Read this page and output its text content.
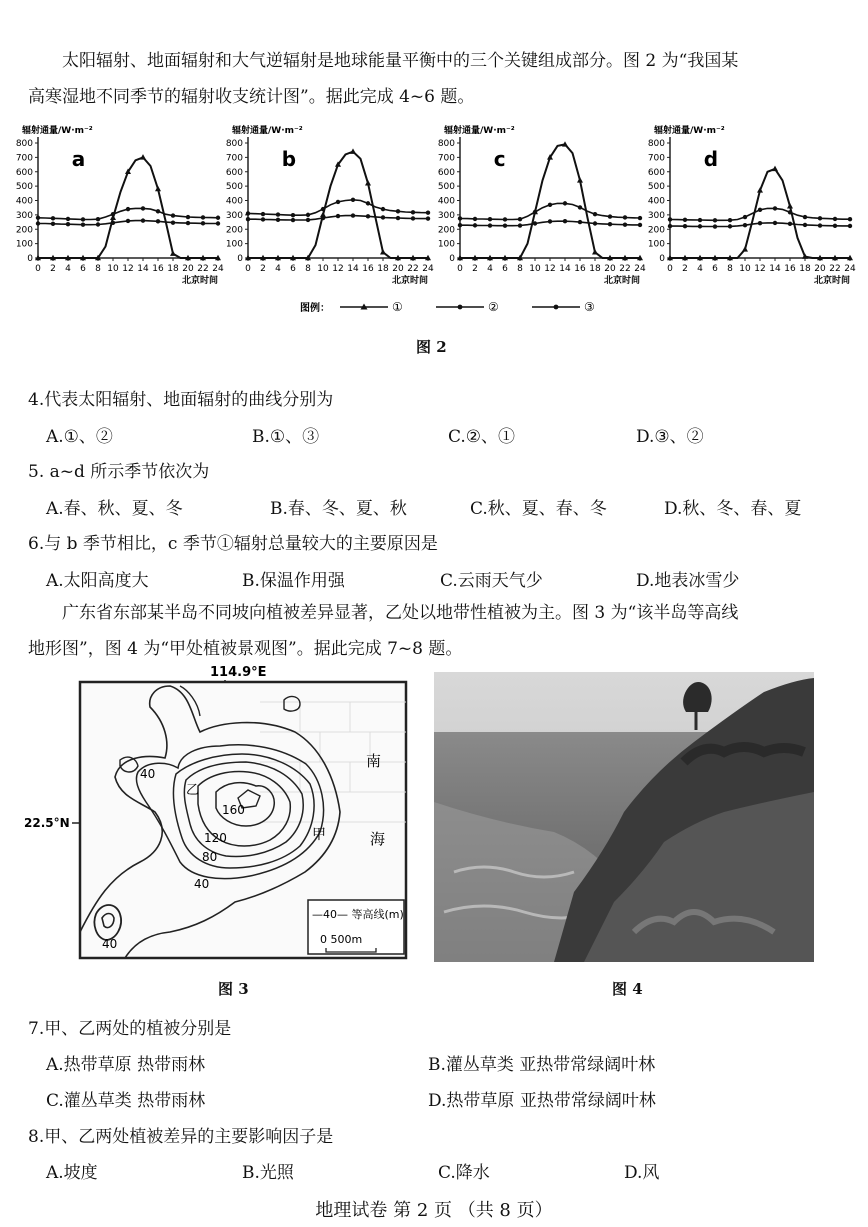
太阳辐射、地面辐射和大气逆辐射是地球能量平衡中的三个关键组成部分。图 2 为“我国某
高寒湿地不同季节的辐射收支统计图”。据此完成 4~6 题。
辐射通量/W·m⁻²
a
0
100
200
300
400
500
600
700
800
0 2 4 6 8 10 12 14 16 18 20 22 24
北京时间
辐射通量/W·m⁻²
b
0
100
200
300
400
500
600
700
800
0 2 4 6 8 10 12 14 16 18 20 22 24
北京时间
辐射通量/W·m⁻²
c
0
100
200
300
400
500
600
700
800
0 2 4 6 8 10 12 14 16 18 20 22 24
北京时间
辐射通量/W·m⁻²
d
0
100
200
300
400
500
600
700
800
0 2 4 6 8 10 12 14 16 18 20 22 24
北京时间
图例：	①	②	③
图 2
4.代表太阳辐射、地面辐射的曲线分别为
A.①、②	B.①、③	C.②、①	D.③、②
5. a~d 所示季节依次为
A.春、秋、夏、冬	B.春、冬、夏、秋	C.秋、夏、春、冬	D.秋、冬、春、夏
6.与 b 季节相比，c 季节①辐射总量较大的主要原因是
A.太阳高度大	B.保温作用强	C.云雨天气少	D.地表冰雪少
广东省东部某半岛不同坡向植被差异显著，乙处以地带性植被为主。图 3 为“该半岛等高线
地形图”，图 4 为“甲处植被景观图”。据此完成 7~8 题。
114.9°E
40
160
120
80
40
40
乙
甲
南
海
22.5°N
—40— 等高线(m)
0 500m
图 3	图 4
7.甲、乙两处的植被分别是
A.热带草原 热带雨林	B.灌丛草类 亚热带常绿阔叶林
C.灌丛草类 热带雨林	D.热带草原 亚热带常绿阔叶林
8.甲、乙两处植被差异的主要影响因子是
A.坡度	B.光照	C.降水	D.风
地理试卷 第 2 页 （共 8 页）
